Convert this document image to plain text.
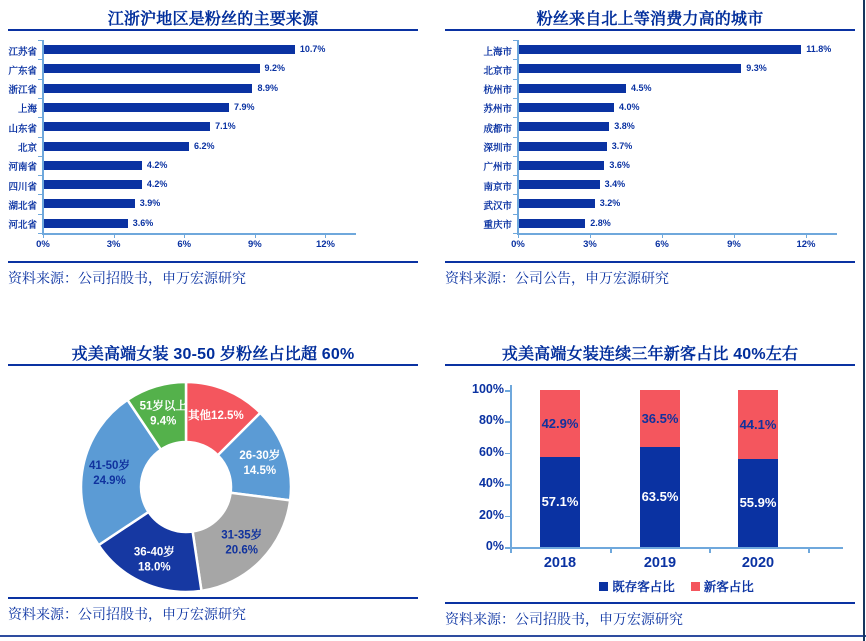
江浙沪地区是粉丝的主要来源
江苏省	10.7%
广东省	9.2%
浙江省	8.9%
上海	7.9%
山东省	7.1%
北京	6.2%
河南省	4.2%
四川省	4.2%
湖北省	3.9%
河北省	3.6%
0%	3%	6%	9%	12%
资料来源：公司招股书，申万宏源研究
粉丝来自北上等消费力高的城市
上海市	11.8%
北京市	9.3%
杭州市	4.5%
苏州市	4.0%
成都市	3.8%
深圳市	3.7%
广州市	3.6%
南京市	3.4%
武汉市	3.2%
重庆市	2.8%
0%	3%	6%	9%	12%
资料来源：公司公告，申万宏源研究
戎美高端女装 30-50 岁粉丝占比超 60%
其他12.5%
26-30岁 14.5%
31-35岁 20.6%
36-40岁 18.0%
41-50岁 24.9%
51岁以上 9.4%
资料来源：公司招股书，申万宏源研究
戎美高端女装连续三年新客占比 40%左右
0%
20%
40%
60%
80%
100%
57.1%
42.9%
2018
63.5%
36.5%
2019
55.9%
44.1%
2020
既存客占比 新客占比
资料来源：公司招股书，申万宏源研究
